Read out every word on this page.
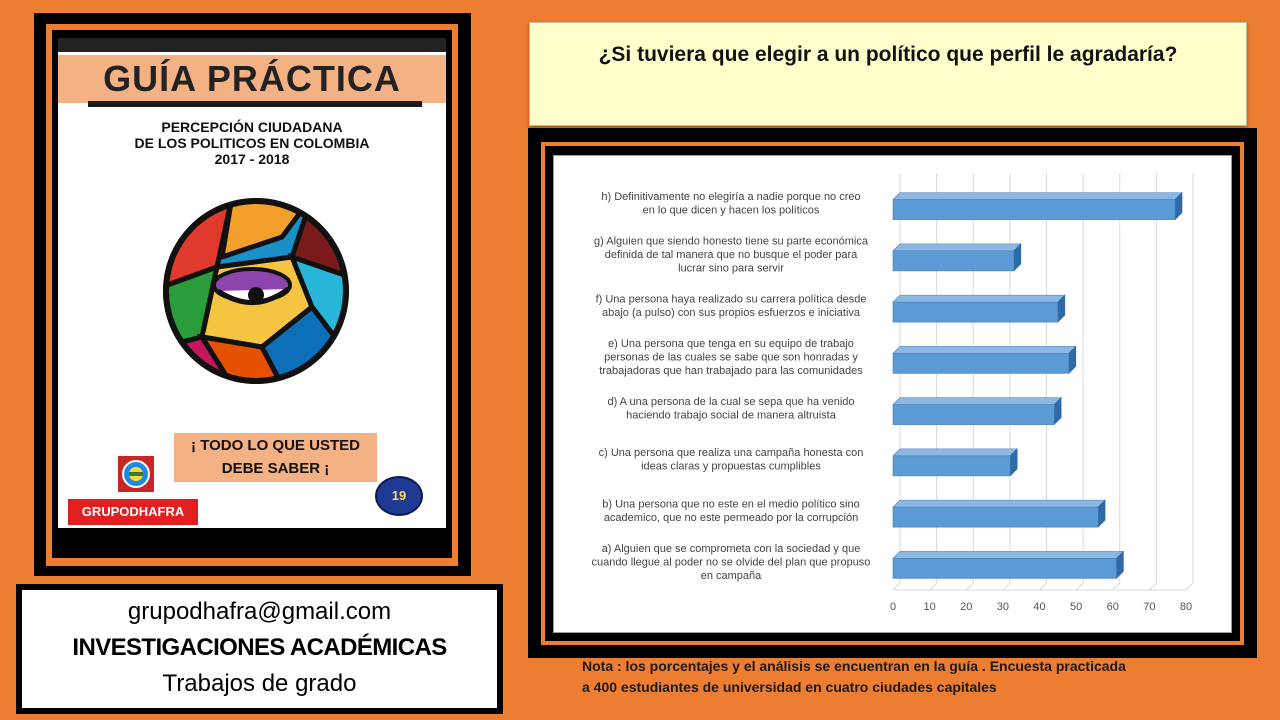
GUÍA PRÁCTICA
PERCEPCIÓN CIUDADANA
DE LOS POLITICOS EN COLOMBIA
2017 - 2018
¡ TODO LO QUE USTED
DEBE SABER ¡
19
GRUPODHAFRA
grupodhafra@gmail.com
INVESTIGACIONES ACADÉMICAS
Trabajos de grado
¿Si tuviera que elegir a un político que perfil le agradaría?
0 10 20 30 40 50 60 70 80
h) Definitivamente no elegiría a nadie porque no creo en lo que dicen y hacen los políticos
g) Alguien que siendo honesto tiene su parte económica definida de tal manera que no busque el poder para lucrar sino para servir
f) Una persona haya realizado su carrera política desde abajo (a pulso) con sus propios esfuerzos e iniciativa
e) Una persona que tenga en su equipo de trabajo personas de las cuales se sabe que son honradas y trabajadoras que han trabajado para las comunidades
d) A una persona de la cual se sepa que ha venido haciendo trabajo social de manera altruista
c) Una persona que realiza una campaña honesta con ideas claras y propuestas cumplibles
b) Una persona que no este en el medio político sino academico, que no este permeado por la corrupción
a) Alguien que se comprometa con la sociedad y que cuando llegue al poder no se olvide del plan que propuso en campaña
Nota : los porcentajes y el análisis se encuentran en la guía . Encuesta practicada
a 400 estudiantes de universidad en cuatro ciudades capitales
